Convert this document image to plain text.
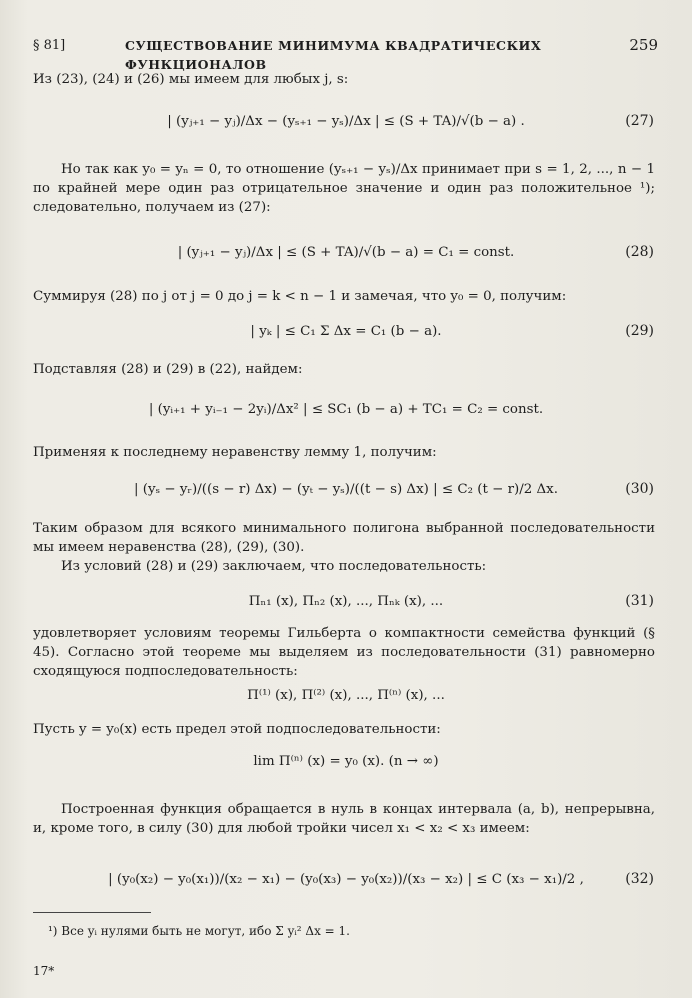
§ 81]	СУЩЕСТВОВАНИЕ МИНИМУМА КВАДРАТИЧЕСКИХ ФУНКЦИОНАЛОВ
259
Из (23), (24) и (26) мы имеем для любых j, s:
| (yⱼ₊₁ − yⱼ)/Δx − (yₛ₊₁ − yₛ)/Δx | ≤ (S + TA)/√(b − a) .	(27)
Но так как y₀ = yₙ = 0, то отношение (yₛ₊₁ − yₛ)/Δx принимает при s = 1, 2, ..., n − 1 по крайней мере один раз отрицательное значение и один раз положительное ¹); следовательно, получаем из (27):
| (yⱼ₊₁ − yⱼ)/Δx | ≤ (S + TA)/√(b − a) = C₁ = const.	(28)
Суммируя (28) по j от j = 0 до j = k < n − 1 и замечая, что y₀ = 0, получим:
| yₖ | ≤ C₁ Σ Δx = C₁ (b − a).	(29)
Подставляя (28) и (29) в (22), найдем:
| (yᵢ₊₁ + yᵢ₋₁ − 2yᵢ)/Δx² | ≤ SC₁ (b − a) + TC₁ = C₂ = const.
Применяя к последнему неравенству лемму 1, получим:
| (yₛ − yᵣ)/((s − r) Δx) − (yₜ − yₛ)/((t − s) Δx) | ≤ C₂ (t − r)/2 Δx.	(30)
Таким образом для всякого минимального полигона выбранной последовательности мы имеем неравенства (28), (29), (30).
Из условий (28) и (29) заключаем, что последовательность:
Πₙ₁ (x), Πₙ₂ (x), ..., Πₙₖ (x), ...	(31)
удовлетворяет условиям теоремы Гильберта о компактности семейства функций (§ 45). Согласно этой теореме мы выделяем из последовательности (31) равномерно сходящуюся подпоследовательность:
Π⁽¹⁾ (x), Π⁽²⁾ (x), ..., Π⁽ⁿ⁾ (x), ...
Пусть y = y₀(x) есть предел этой подпоследовательности:
lim Π⁽ⁿ⁾ (x) = y₀ (x). (n → ∞)
Построенная функция обращается в нуль в концах интервала (a, b), непрерывна, и, кроме того, в силу (30) для любой тройки чисел x₁ < x₂ < x₃ имеем:
| (y₀(x₂) − y₀(x₁))/(x₂ − x₁) − (y₀(x₃) − y₀(x₂))/(x₃ − x₂) | ≤ C (x₃ − x₁)/2 ,	(32)
¹) Все yᵢ нулями быть не могут, ибо Σ yᵢ² Δx = 1.
17*
